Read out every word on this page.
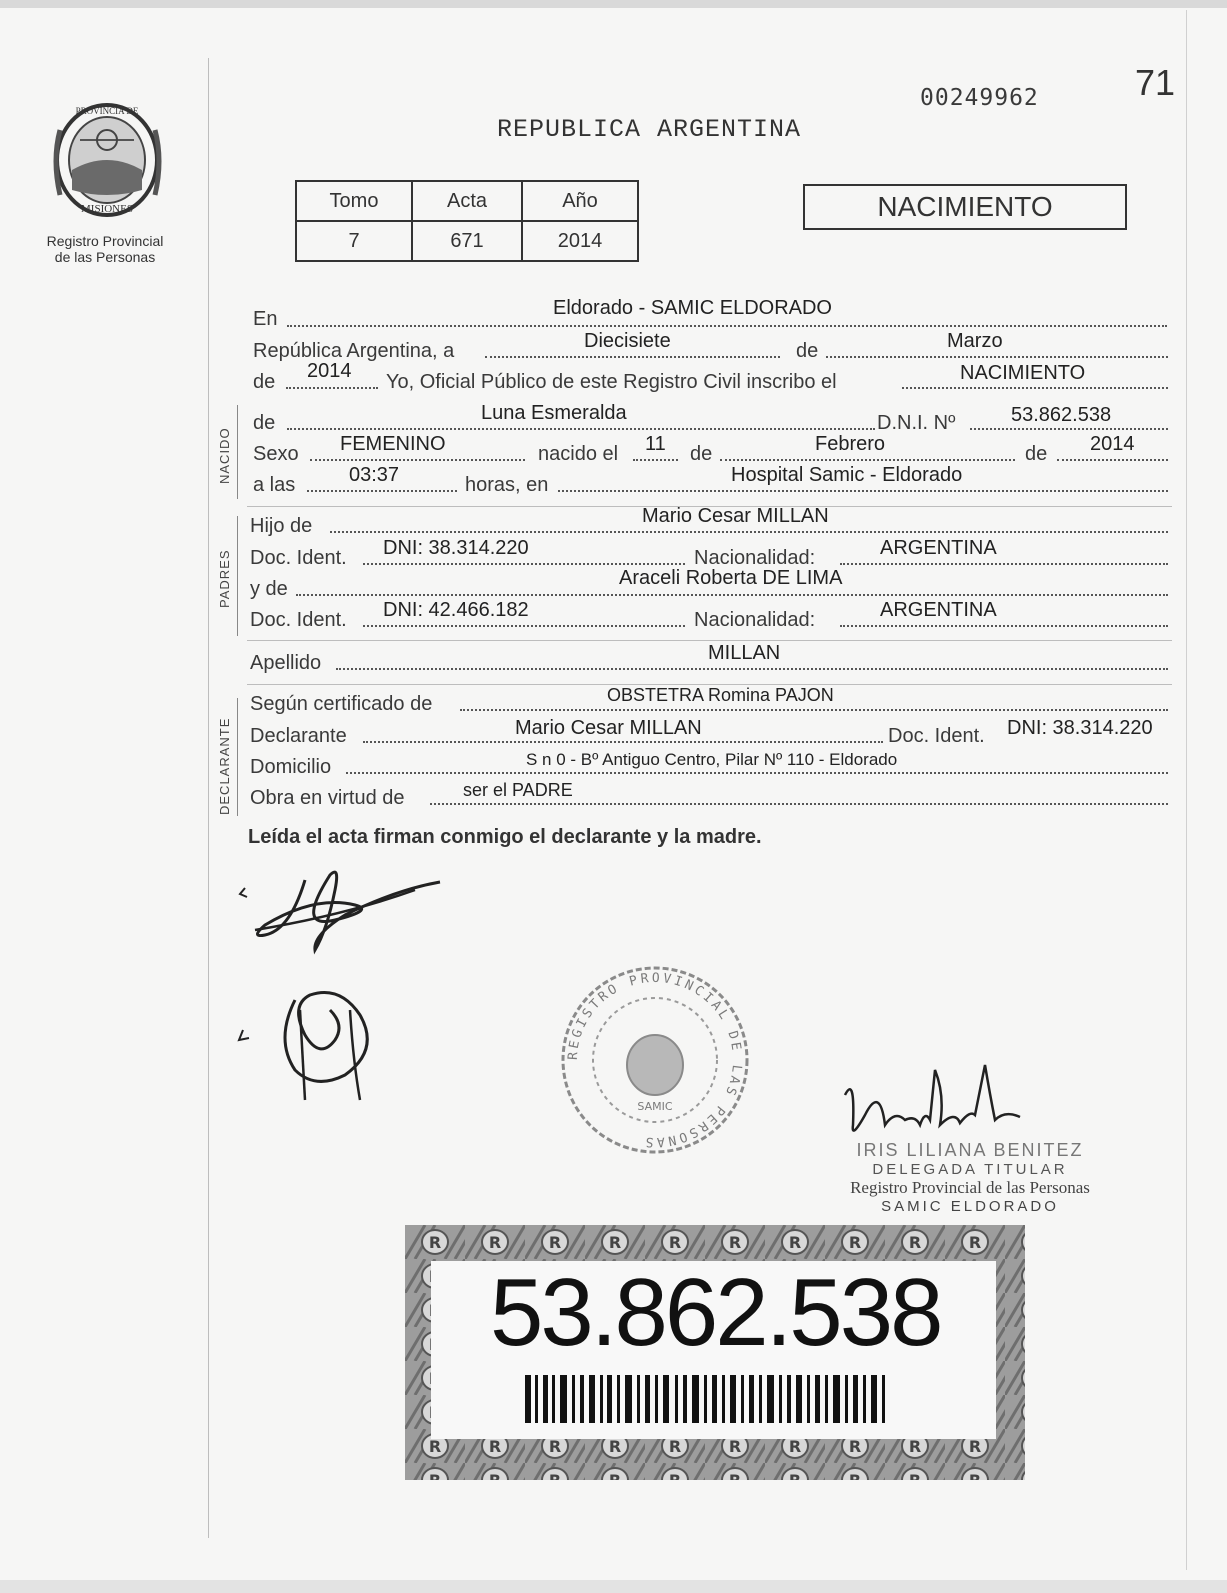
PROVINCIA DE
MISIONES
Registro Provincial
de las Personas
00249962	71
REPUBLICA ARGENTINA
Tomo	Acta	Año
7	671	2014
NACIMIENTO
En	Eldorado - SAMIC ELDORADO
República Argentina, a	Diecisiete	de	Marzo
de 2014 Yo, Oficial Público de este Registro Civil inscribo el	NACIMIENTO
NACIDO
de	Luna Esmeralda	D.N.I. Nº	53.862.538
Sexo FEMENINO	nacido el 11 de	Febrero	de 2014
a las	03:37	horas, en	Hospital Samic - Eldorado
PADRES
Hijo de	Mario Cesar MILLAN
Doc. Ident. DNI: 38.314.220	Nacionalidad:	ARGENTINA
y de	Araceli Roberta DE LIMA
Doc. Ident. DNI: 42.466.182	Nacionalidad:	ARGENTINA
Apellido	MILLAN
DECLARANTE
Según certificado de	OBSTETRA Romina PAJON
Declarante	Mario Cesar MILLAN	Doc. Ident. DNI: 38.314.220
Domicilio	S n 0 - Bº Antiguo Centro, Pilar Nº 110 - Eldorado
Obra en virtud de	ser el PADRE
Leída el acta firman conmigo el declarante y la madre.
REGISTRO PROVINCIAL DE LAS PERSONAS
SAMIC
IRIS LILIANA BENITEZ
DELEGADA TITULAR
Registro Provincial de las Personas
SAMIC ELDORADO
53.862.538
